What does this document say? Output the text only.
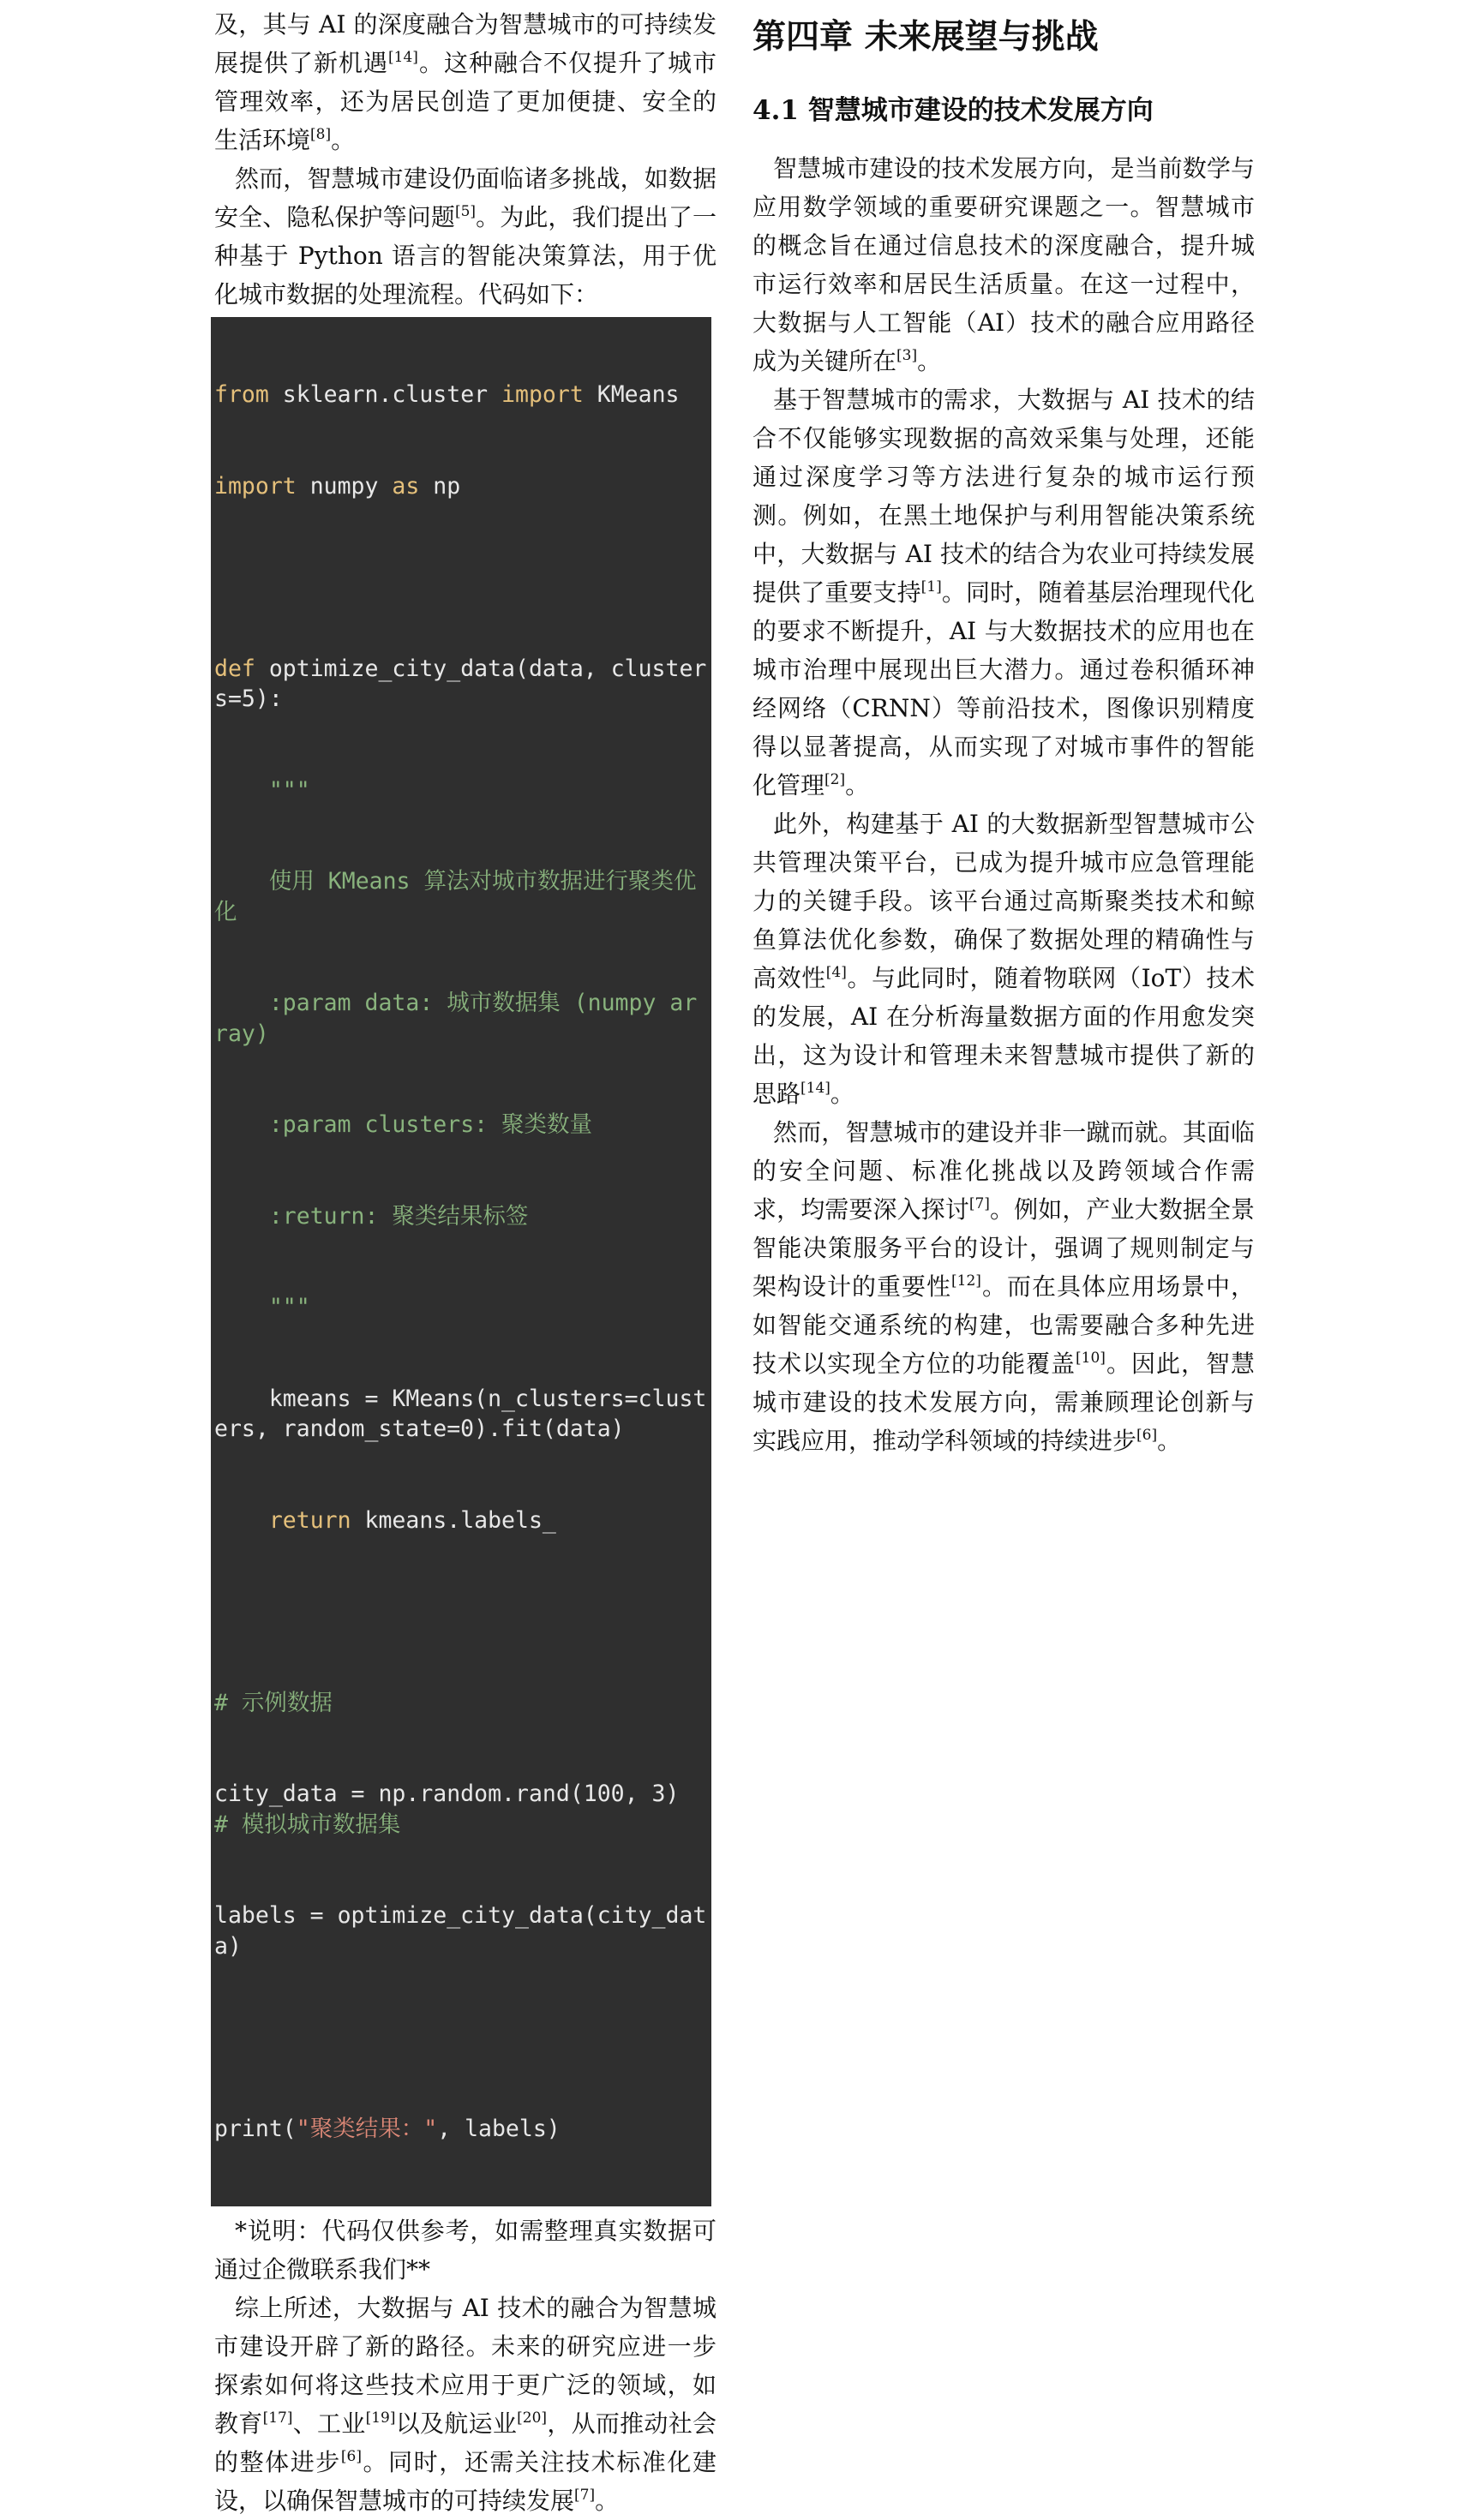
及，其与 AI 的深度融合为智慧城市的可持续发展提供了新机遇[14]。这种融合不仅提升了城市管理效率，还为居民创造了更加便捷、安全的生活环境[8]。

然而，智慧城市建设仍面临诸多挑战，如数据安全、隐私保护等问题[5]。为此，我们提出了一种基于 Python 语言的智能决策算法，用于优化城市数据的处理流程。代码如下：

from sklearn.cluster import KMeans

import numpy as np

def optimize_city_data(data, clusters=5):

"""

使用 KMeans 算法对城市数据进行聚类优化

:param data: 城市数据集 (numpy array)

:param clusters: 聚类数量

:return: 聚类结果标签

"""

kmeans = KMeans(n_clusters=clusters, random_state=0).fit(data)

return kmeans.labels_

# 示例数据

city_data = np.random.rand(100, 3)  # 模拟城市数据集

labels = optimize_city_data(city_data)

print("聚类结果：", labels)

*说明：代码仅供参考，如需整理真实数据可通过企微联系我们**

综上所述，大数据与 AI 技术的融合为智慧城市建设开辟了新的路径。未来的研究应进一步探索如何将这些技术应用于更广泛的领域，如教育[17]、工业[19]以及航运业[20]，从而推动社会的整体进步[6]。同时，还需关注技术标准化建设，以确保智慧城市的可持续发展[7]。

第四章 未来展望与挑战
4.1 智慧城市建设的技术发展方向

智慧城市建设的技术发展方向，是当前数学与应用数学领域的重要研究课题之一。智慧城市的概念旨在通过信息技术的深度融合，提升城市运行效率和居民生活质量。在这一过程中，大数据与人工智能（AI）技术的融合应用路径成为关键所在[3]。

基于智慧城市的需求，大数据与 AI 技术的结合不仅能够实现数据的高效采集与处理，还能通过深度学习等方法进行复杂的城市运行预测。例如，在黑土地保护与利用智能决策系统中，大数据与 AI 技术的结合为农业可持续发展提供了重要支持[1]。同时，随着基层治理现代化的要求不断提升，AI 与大数据技术的应用也在城市治理中展现出巨大潜力。通过卷积循环神经网络（CRNN）等前沿技术，图像识别精度得以显著提高，从而实现了对城市事件的智能化管理[2]。

此外，构建基于 AI 的大数据新型智慧城市公共管理决策平台，已成为提升城市应急管理能力的关键手段。该平台通过高斯聚类技术和鲸鱼算法优化参数，确保了数据处理的精确性与高效性[4]。与此同时，随着物联网（IoT）技术的发展，AI 在分析海量数据方面的作用愈发突出，这为设计和管理未来智慧城市提供了新的思路[14]。

然而，智慧城市的建设并非一蹴而就。其面临的安全问题、标准化挑战以及跨领域合作需求，均需要深入探讨[7]。例如，产业大数据全景智能决策服务平台的设计，强调了规则制定与架构设计的重要性[12]。而在具体应用场景中，如智能交通系统的构建，也需要融合多种先进技术以实现全方位的功能覆盖[10]。因此，智慧城市建设的技术发展方向，需兼顾理论创新与实践应用，推动学科领域的持续进步[6]。
